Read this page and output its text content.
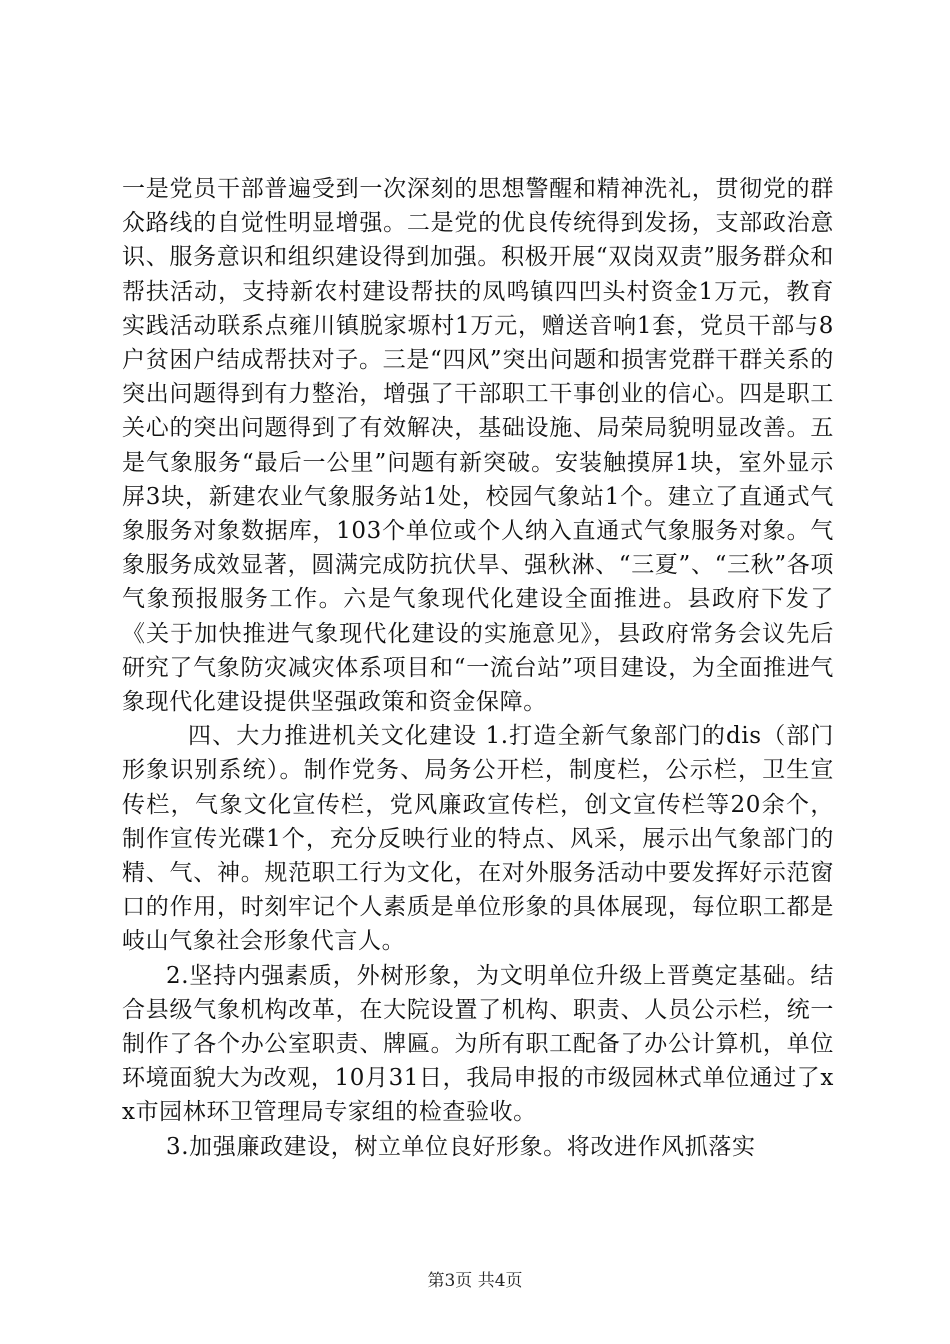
一是党员干部普遍受到一次深刻的思想警醒和精神洗礼，贯彻党的群众路线的自觉性明显增强。二是党的优良传统得到发扬，支部政治意识、服务意识和组织建设得到加强。积极开展“双岗双责”服务群众和帮扶活动，支持新农村建设帮扶的凤鸣镇四凹头村资金1万元，教育实践活动联系点雍川镇脱家塬村1万元，赠送音响1套，党员干部与8户贫困户结成帮扶对子。三是“四风”突出问题和损害党群干群关系的突出问题得到有力整治，增强了干部职工干事创业的信心。四是职工关心的突出问题得到了有效解决，基础设施、局荣局貌明显改善。五是气象服务“最后一公里”问题有新突破。安装触摸屏1块，室外显示屏3块，新建农业气象服务站1处，校园气象站1个。建立了直通式气象服务对象数据库，103个单位或个人纳入直通式气象服务对象。气象服务成效显著，圆满完成防抗伏旱、强秋淋、“三夏”、“三秋”各项气象预报服务工作。六是气象现代化建设全面推进。县政府下发了《关于加快推进气象现代化建设的实施意见》，县政府常务会议先后研究了气象防灾减灾体系项目和“一流台站”项目建设，为全面推进气象现代化建设提供坚强政策和资金保障。

四、大力推进机关文化建设 1.打造全新气象部门的dis（部门形象识别系统）。制作党务、局务公开栏，制度栏，公示栏，卫生宣传栏，气象文化宣传栏，党风廉政宣传栏，创文宣传栏等20余个，制作宣传光碟1个，充分反映行业的特点、风采，展示出气象部门的精、气、神。规范职工行为文化，在对外服务活动中要发挥好示范窗口的作用，时刻牢记个人素质是单位形象的具体展现，每位职工都是岐山气象社会形象代言人。

2.坚持内强素质，外树形象，为文明单位升级上晋奠定基础。结合县级气象机构改革，在大院设置了机构、职责、人员公示栏，统一制作了各个办公室职责、牌匾。为所有职工配备了办公计算机，单位环境面貌大为改观，10月31日，我局申报的市级园林式单位通过了xx市园林环卫管理局专家组的检查验收。

3.加强廉政建设，树立单位良好形象。将改进作风抓落实

第3页 共4页
